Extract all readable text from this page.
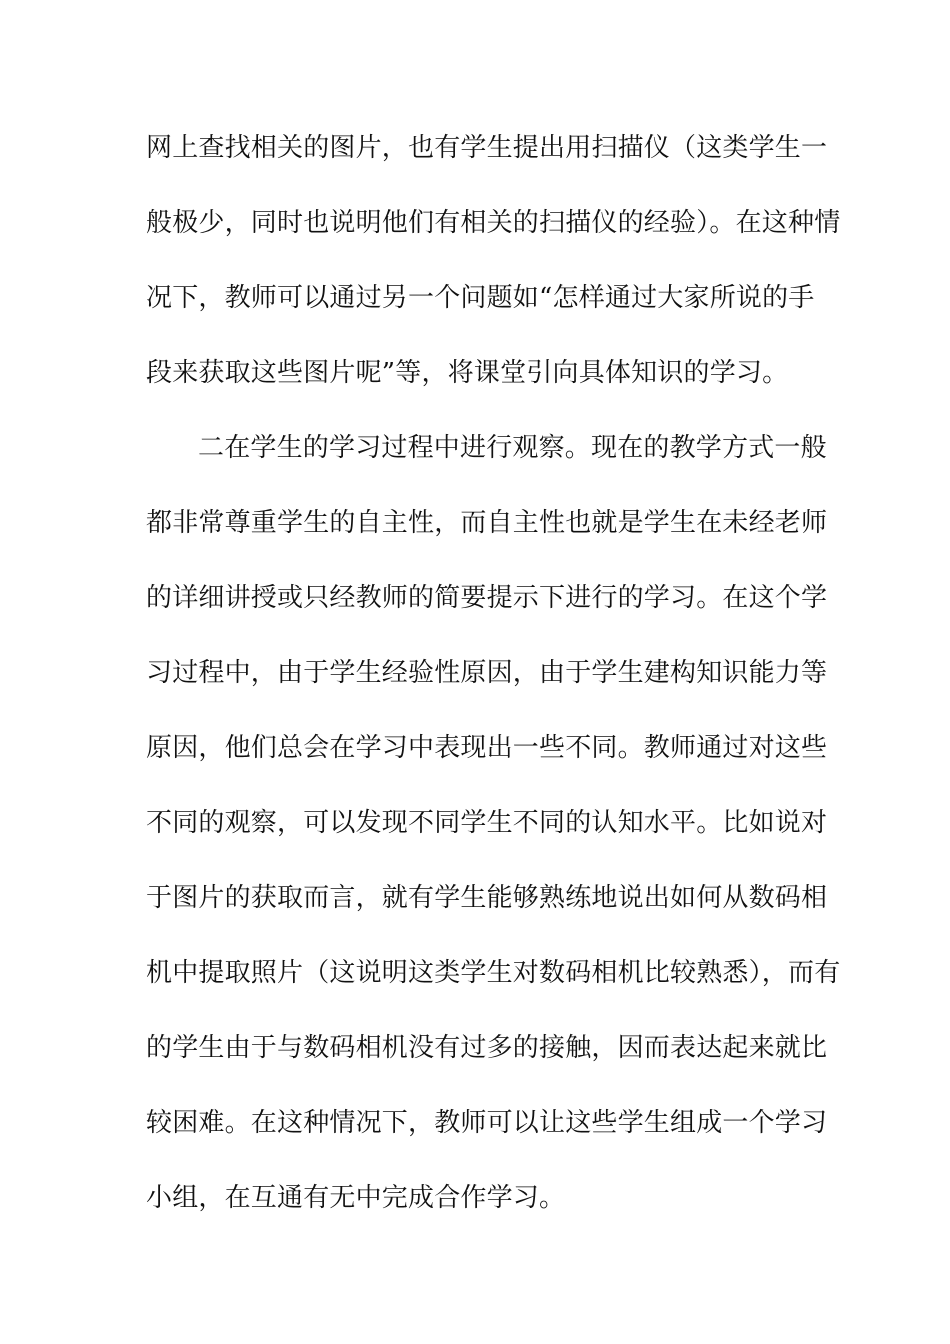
网上查找相关的图片，也有学生提出用扫描仪（这类学生一
般极少，同时也说明他们有相关的扫描仪的经验）。在这种情
况下，教师可以通过另一个问题如“怎样通过大家所说的手
段来获取这些图片呢”等，将课堂引向具体知识的学习。
二在学生的学习过程中进行观察。现在的教学方式一般
都非常尊重学生的自主性，而自主性也就是学生在未经老师
的详细讲授或只经教师的简要提示下进行的学习。在这个学
习过程中，由于学生经验性原因，由于学生建构知识能力等
原因，他们总会在学习中表现出一些不同。教师通过对这些
不同的观察，可以发现不同学生不同的认知水平。比如说对
于图片的获取而言，就有学生能够熟练地说出如何从数码相
机中提取照片（这说明这类学生对数码相机比较熟悉），而有
的学生由于与数码相机没有过多的接触，因而表达起来就比
较困难。在这种情况下，教师可以让这些学生组成一个学习
小组，在互通有无中完成合作学习。
